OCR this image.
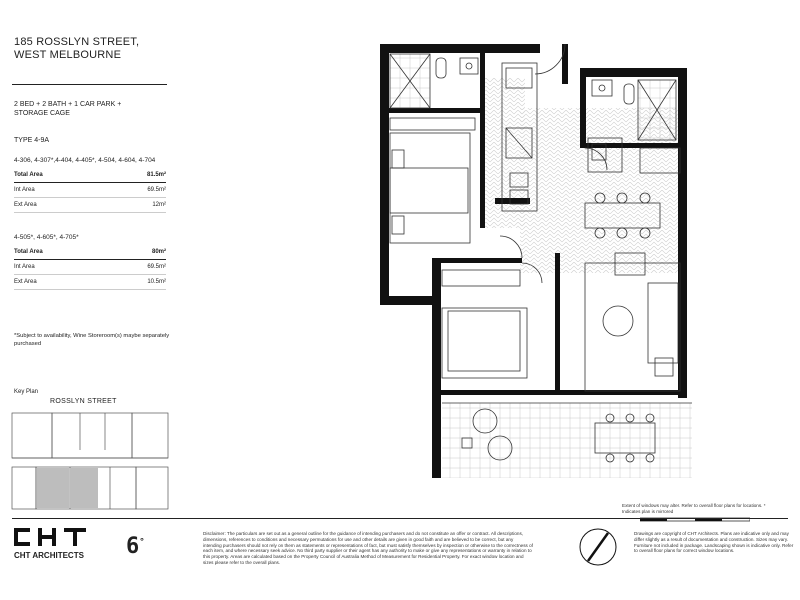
185 ROSSLYN STREET,
WEST MELBOURNE
2 BED + 2 BATH + 1 CAR PARK +
STORAGE CAGE
TYPE 4-9A
4-306, 4-307*,4-404, 4-405*, 4-504, 4-604, 4-704
Total Area	81.5m²
Int Area	69.5m²
Ext Area	12m²
4-505*, 4-605*, 4-705*
Total Area	80m²
Int Area	69.5m²
Ext Area	10.5m²
*Subject to availability, Wine Storeroom(s) maybe separately purchased
Key Plan
ROSSLYN STREET
Extent of windows may alter. Refer to overall floor plans for locations. * Indicates plan is mirrored
CHT ARCHITECTS 6°
Disclaimer: The particulars are set out as a general outline for the guidance of intending purchasers and do not constitute an offer or contract. All descriptions, dimensions, references to conditions and necessary permutations for use and other details are given in good faith and are believed to be correct, but any intending purchasers should not rely on them as statements or representations of fact, but must satisfy themselves by inspection or otherwise to the correctness of each item, and where necessary seek advice. No third party supplier or their agent has any authority to make or give any representations or warranty in relation to this property. Areas are calculated based on the Property Council of Australia Method of Measurement for Residential Property. For exact window location and sizes please refer to the overall plans.
Drawings are copyright of CHT Architects. Plans are indicative only and may differ slightly as a result of documentation and construction. Sizes may vary. Furniture not included in package. Landscaping shown is indicative only. Refer to overall floor plans for correct window locations.
